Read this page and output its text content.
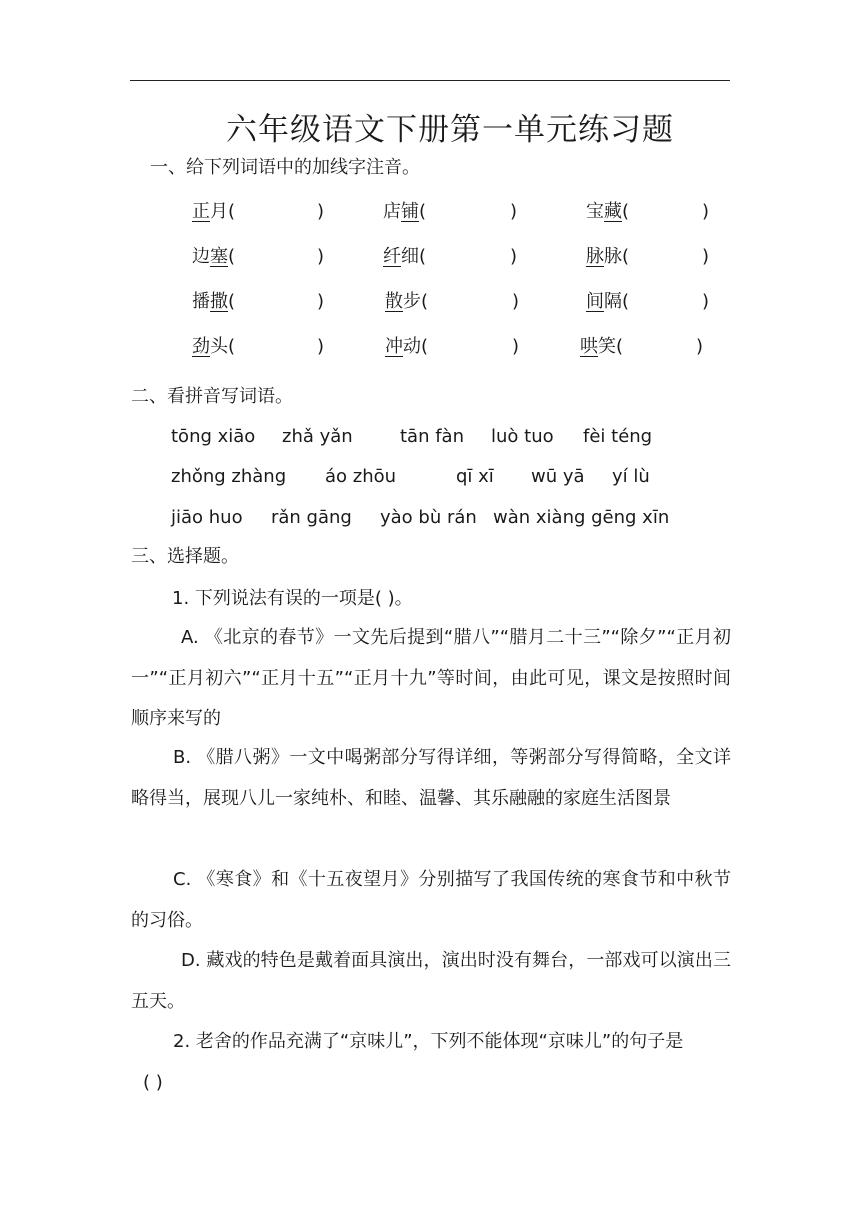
六年级语文下册第一单元练习题
一、给下列词语中的加线字注音。
正月(	)	店铺(	)	宝藏(	)
边塞(	)	纤细(	)	脉脉(	)
播撒(	)	散步(	)	间隔(	)
劲头(	)	冲动(	)	哄笑(	)
二、看拼音写词语。
tōng xiāo zhǎ yǎn	tān fàn luò tuo fèi téng
zhǒng zhàng áo zhōu	qī xī wū yā yí lù
jiāo huo rǎn gāng yào bù rán wàn xiàng gēng xīn
三、选择题。
1. 下列说法有误的一项是( )。
A. 《北京的春节》一文先后提到“腊八”“腊月二十三”“除夕”“正月初一”“正月初六”“正月十五”“正月十九”等时间，由此可见，课文是按照时间顺序来写的
B. 《腊八粥》一文中喝粥部分写得详细，等粥部分写得简略，全文详略得当，展现八儿一家纯朴、和睦、温馨、其乐融融的家庭生活图景
C. 《寒食》和《十五夜望月》分别描写了我国传统的寒食节和中秋节的习俗。
D. 藏戏的特色是戴着面具演出，演出时没有舞台，一部戏可以演出三五天。
2. 老舍的作品充满了“京味儿”，下列不能体现“京味儿”的句子是
( )
